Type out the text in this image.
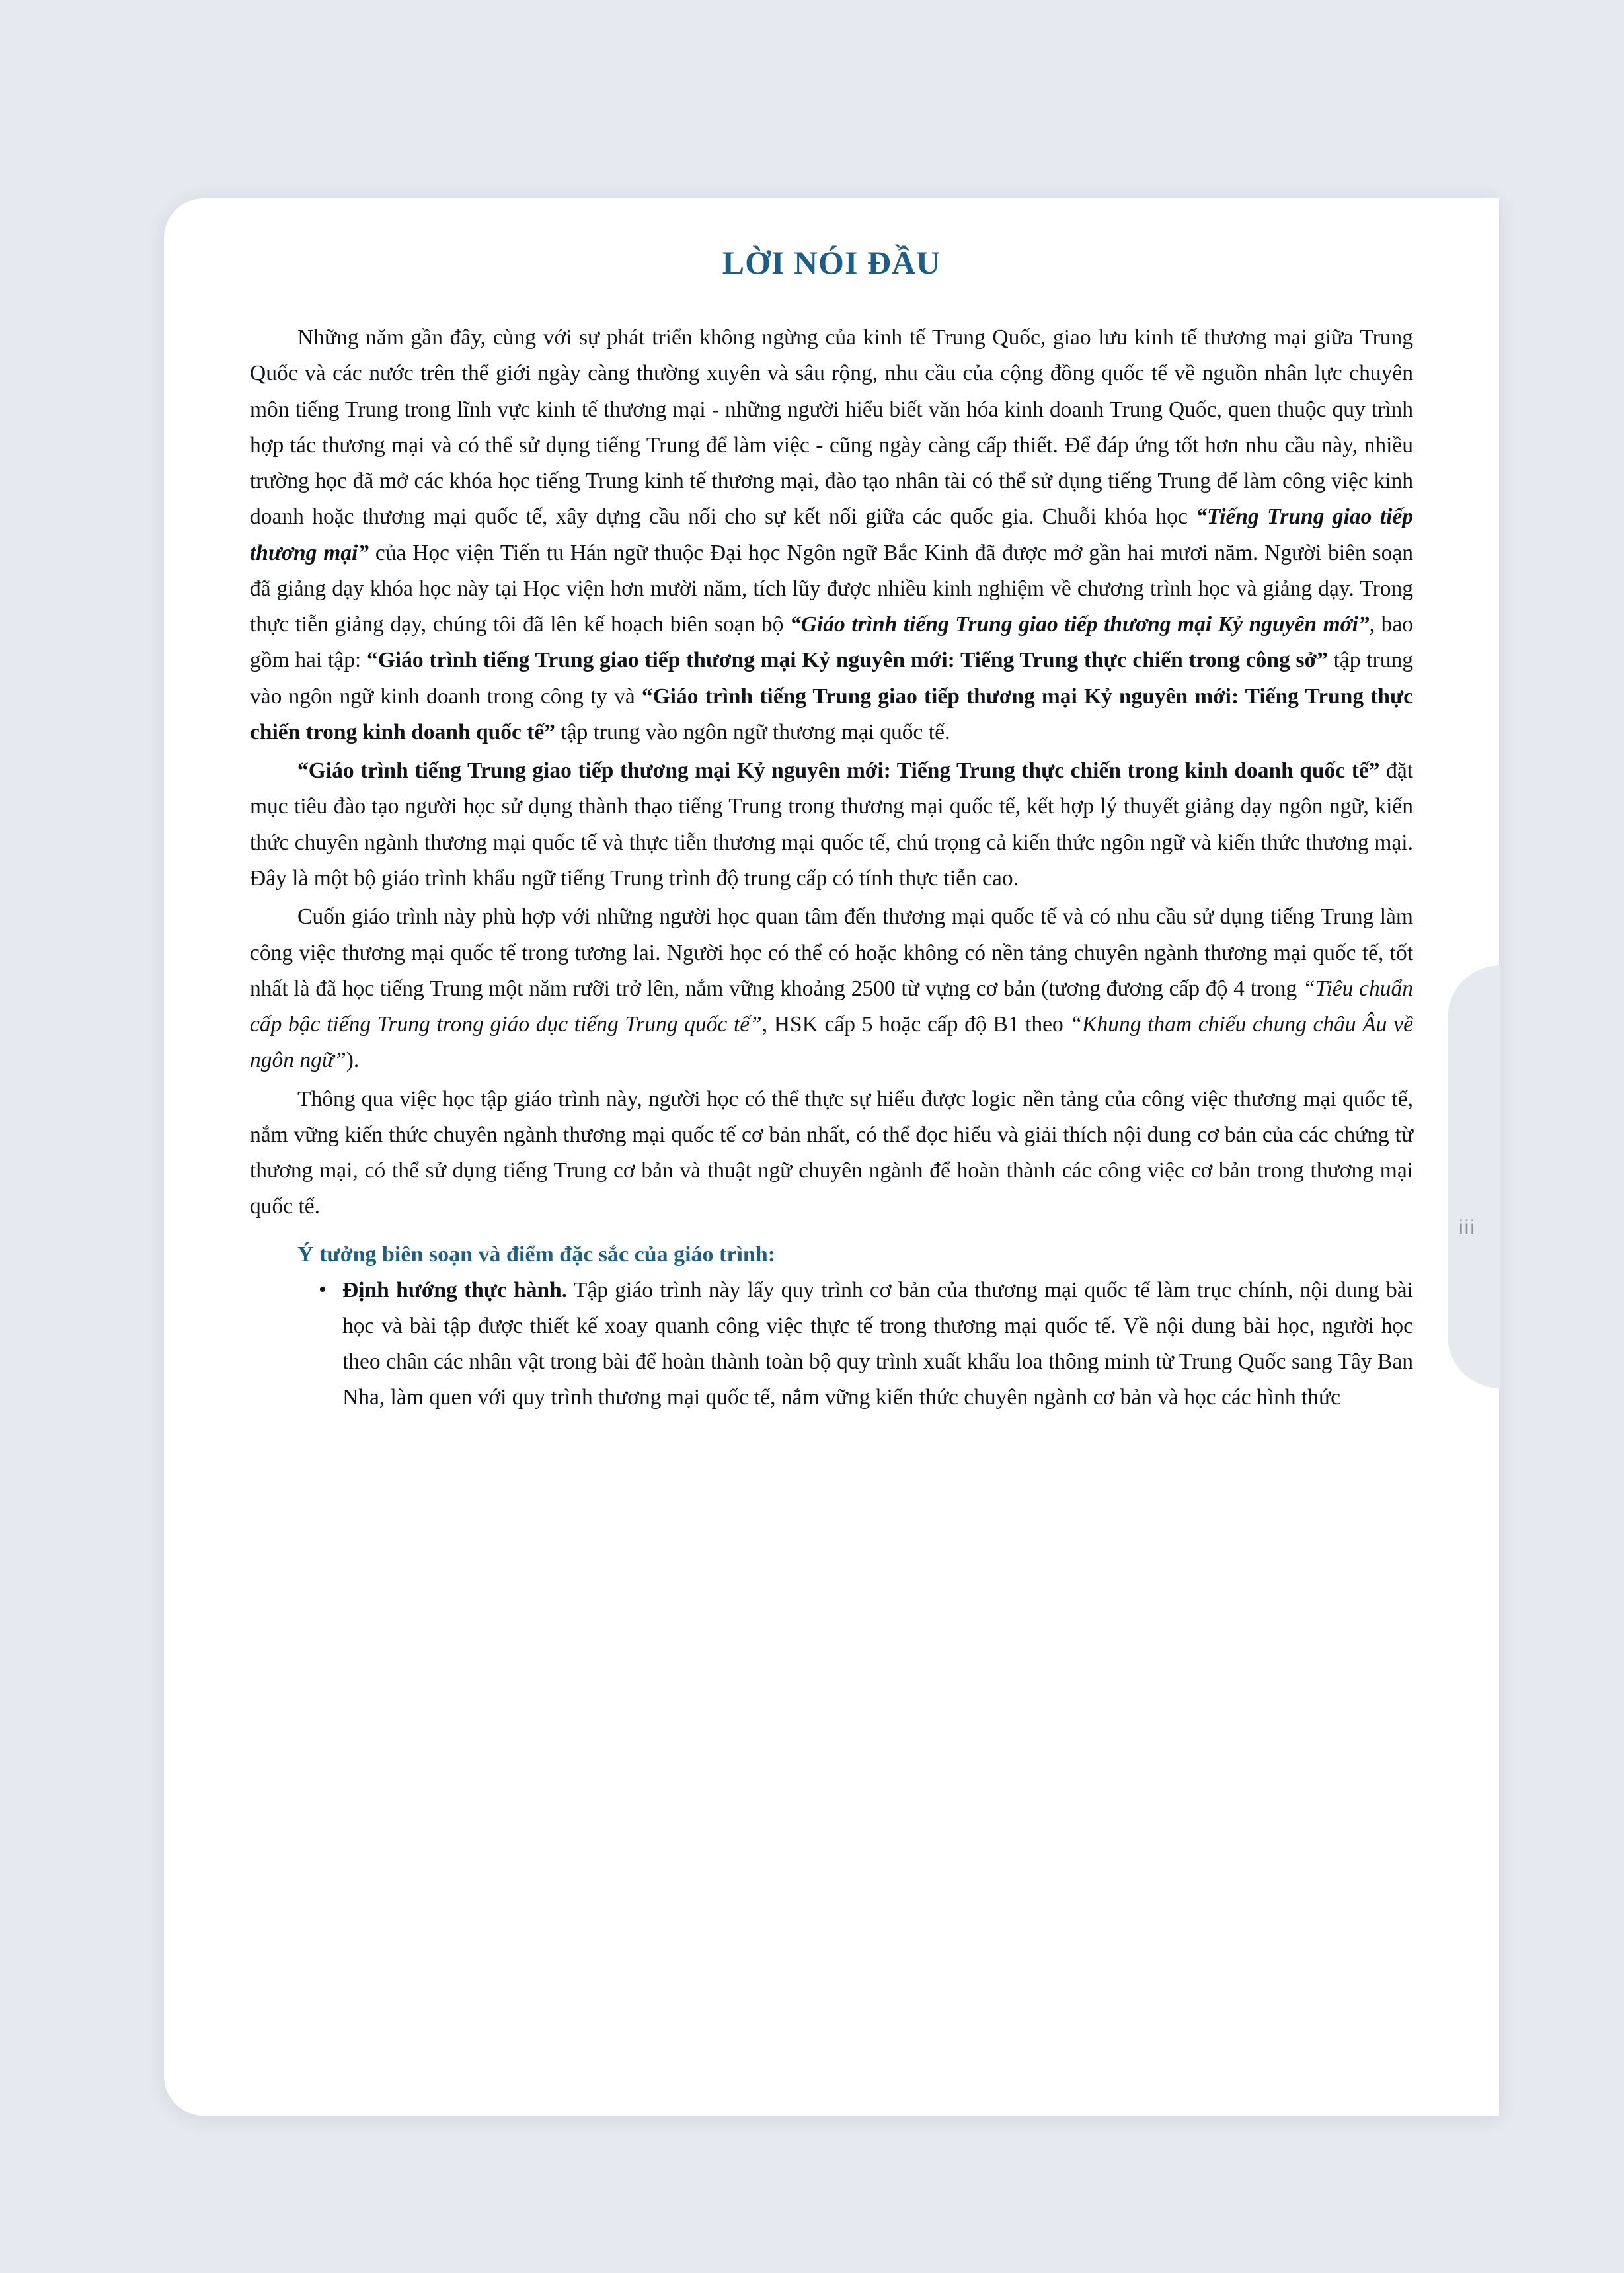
iii
LỜI NÓI ĐẦU

Những năm gần đây, cùng với sự phát triển không ngừng của kinh tế Trung Quốc, giao lưu kinh tế thương mại giữa Trung Quốc và các nước trên thế giới ngày càng thường xuyên và sâu rộng, nhu cầu của cộng đồng quốc tế về nguồn nhân lực chuyên môn tiếng Trung trong lĩnh vực kinh tế thương mại - những người hiểu biết văn hóa kinh doanh Trung Quốc, quen thuộc quy trình hợp tác thương mại và có thể sử dụng tiếng Trung để làm việc - cũng ngày càng cấp thiết. Để đáp ứng tốt hơn nhu cầu này, nhiều trường học đã mở các khóa học tiếng Trung kinh tế thương mại, đào tạo nhân tài có thể sử dụng tiếng Trung để làm công việc kinh doanh hoặc thương mại quốc tế, xây dựng cầu nối cho sự kết nối giữa các quốc gia. Chuỗi khóa học “Tiếng Trung giao tiếp thương mại” của Học viện Tiến tu Hán ngữ thuộc Đại học Ngôn ngữ Bắc Kinh đã được mở gần hai mươi năm. Người biên soạn đã giảng dạy khóa học này tại Học viện hơn mười năm, tích lũy được nhiều kinh nghiệm về chương trình học và giảng dạy. Trong thực tiễn giảng dạy, chúng tôi đã lên kế hoạch biên soạn bộ “Giáo trình tiếng Trung giao tiếp thương mại Kỷ nguyên mới”, bao gồm hai tập: “Giáo trình tiếng Trung giao tiếp thương mại Kỷ nguyên mới: Tiếng Trung thực chiến trong công sở” tập trung vào ngôn ngữ kinh doanh trong công ty và “Giáo trình tiếng Trung giao tiếp thương mại Kỷ nguyên mới: Tiếng Trung thực chiến trong kinh doanh quốc tế” tập trung vào ngôn ngữ thương mại quốc tế.

“Giáo trình tiếng Trung giao tiếp thương mại Kỷ nguyên mới: Tiếng Trung thực chiến trong kinh doanh quốc tế” đặt mục tiêu đào tạo người học sử dụng thành thạo tiếng Trung trong thương mại quốc tế, kết hợp lý thuyết giảng dạy ngôn ngữ, kiến thức chuyên ngành thương mại quốc tế và thực tiễn thương mại quốc tế, chú trọng cả kiến thức ngôn ngữ và kiến thức thương mại. Đây là một bộ giáo trình khẩu ngữ tiếng Trung trình độ trung cấp có tính thực tiễn cao.

Cuốn giáo trình này phù hợp với những người học quan tâm đến thương mại quốc tế và có nhu cầu sử dụng tiếng Trung làm công việc thương mại quốc tế trong tương lai. Người học có thể có hoặc không có nền tảng chuyên ngành thương mại quốc tế, tốt nhất là đã học tiếng Trung một năm rưỡi trở lên, nắm vững khoảng 2500 từ vựng cơ bản (tương đương cấp độ 4 trong “Tiêu chuẩn cấp bậc tiếng Trung trong giáo dục tiếng Trung quốc tế”, HSK cấp 5 hoặc cấp độ B1 theo “Khung tham chiếu chung châu Âu về ngôn ngữ”).

Thông qua việc học tập giáo trình này, người học có thể thực sự hiểu được logic nền tảng của công việc thương mại quốc tế, nắm vững kiến thức chuyên ngành thương mại quốc tế cơ bản nhất, có thể đọc hiểu và giải thích nội dung cơ bản của các chứng từ thương mại, có thể sử dụng tiếng Trung cơ bản và thuật ngữ chuyên ngành để hoàn thành các công việc cơ bản trong thương mại quốc tế.

Ý tưởng biên soạn và điểm đặc sắc của giáo trình:
• Định hướng thực hành. Tập giáo trình này lấy quy trình cơ bản của thương mại quốc tế làm trục chính, nội dung bài học và bài tập được thiết kế xoay quanh công việc thực tế trong thương mại quốc tế. Về nội dung bài học, người học theo chân các nhân vật trong bài để hoàn thành toàn bộ quy trình xuất khẩu loa thông minh từ Trung Quốc sang Tây Ban Nha, làm quen với quy trình thương mại quốc tế, nắm vững kiến thức chuyên ngành cơ bản và học các hình thức
